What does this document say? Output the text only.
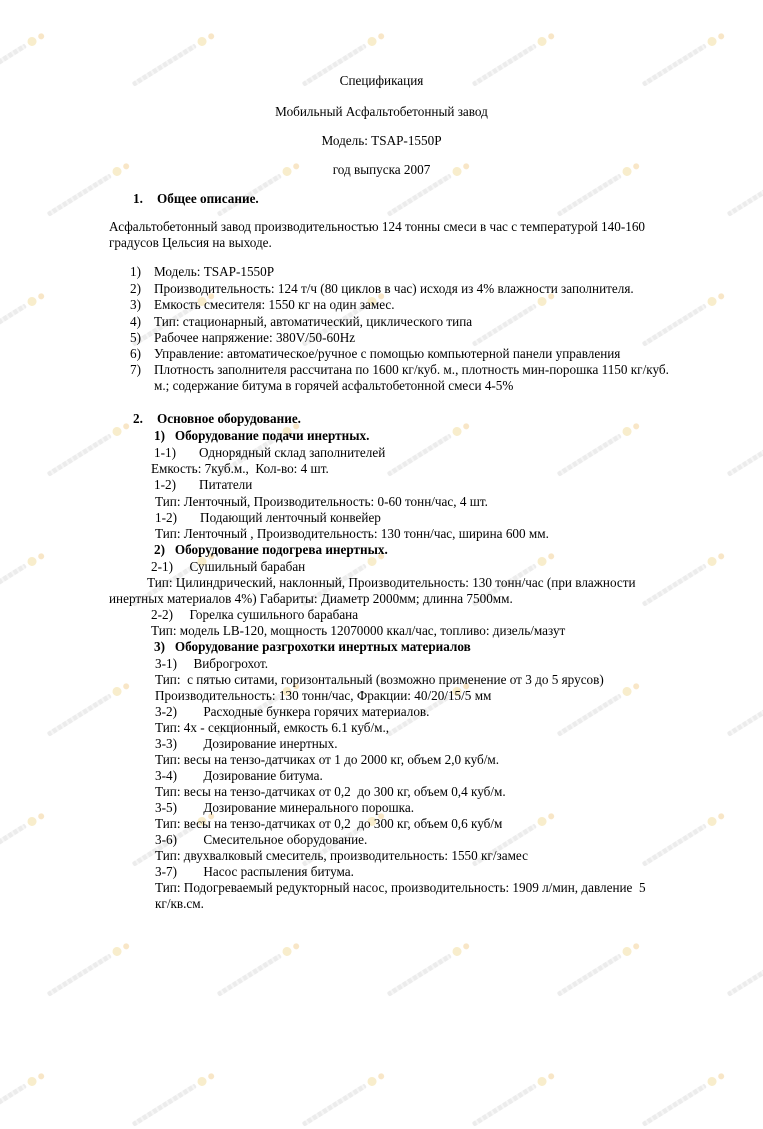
Спецификация
Мобильный Асфальтобетонный завод
Модель: TSAP-1550P
год выпуска 2007
1. Общее описание.
Асфальтобетонный завод производительностью 124 тонны смеси в час с температурой 140-160
градусов Цельсия на выходе.
1) Модель: TSAP-1550P
2) Производительность: 124 т/ч (80 циклов в час) исходя из 4% влажности заполнителя.
3) Емкость смесителя: 1550 кг на один замес.
4) Тип: стационарный, автоматический, циклического типа
5) Рабочее напряжение: 380V/50-60Hz
6) Управление: автоматическое/ручное с помощью компьютерной панели управления
7) Плотность заполнителя рассчитана по 1600 кг/куб. м., плотность мин-порошка 1150 кг/куб.
м.; содержание битума в горячей асфальтобетонной смеси 4-5%
2. Основное оборудование.
1)   Оборудование подачи инертных.
1-1)       Однорядный склад заполнителей
Емкость: 7куб.м.,  Кол-во: 4 шт.
1-2)       Питатели
Тип: Ленточный, Производительность: 0-60 тонн/час, 4 шт.
1-2)       Подающий ленточный конвейер
Тип: Ленточный , Производительность: 130 тонн/час, ширина 600 мм.
2)   Оборудование подогрева инертных.
2-1)     Сушильный барабан
Тип: Цилиндрический, наклонный, Производительность: 130 тонн/час (при влажности
инертных материалов 4%) Габариты: Диаметр 2000мм; длинна 7500мм.
2-2)     Горелка сушильного барабана
Тип: модель LB-120, мощность 12070000 ккал/час, топливо: дизель/мазут
3)   Оборудование разгрохотки инертных материалов
3-1)     Виброгрохот.
Тип:  с пятью ситами, горизонтальный (возможно применение от 3 до 5 ярусов)
Производительность: 130 тонн/час, Фракции: 40/20/15/5 мм
3-2)        Расходные бункера горячих материалов.
Тип: 4х - секционный, емкость 6.1 куб/м.,
3-3)        Дозирование инертных.
Тип: весы на тензо-датчиках от 1 до 2000 кг, объем 2,0 куб/м.
3-4)        Дозирование битума.
Тип: весы на тензо-датчиках от 0,2  до 300 кг, объем 0,4 куб/м.
3-5)        Дозирование минерального порошка.
Тип: весы на тензо-датчиках от 0,2  до 300 кг, объем 0,6 куб/м
3-6)        Смесительное оборудование.
Тип: двухвалковый смеситель, производительность: 1550 кг/замес
3-7)        Насос распыления битума.
Тип: Подогреваемый редукторный насос, производительность: 1909 л/мин, давление  5
кг/кв.см.
